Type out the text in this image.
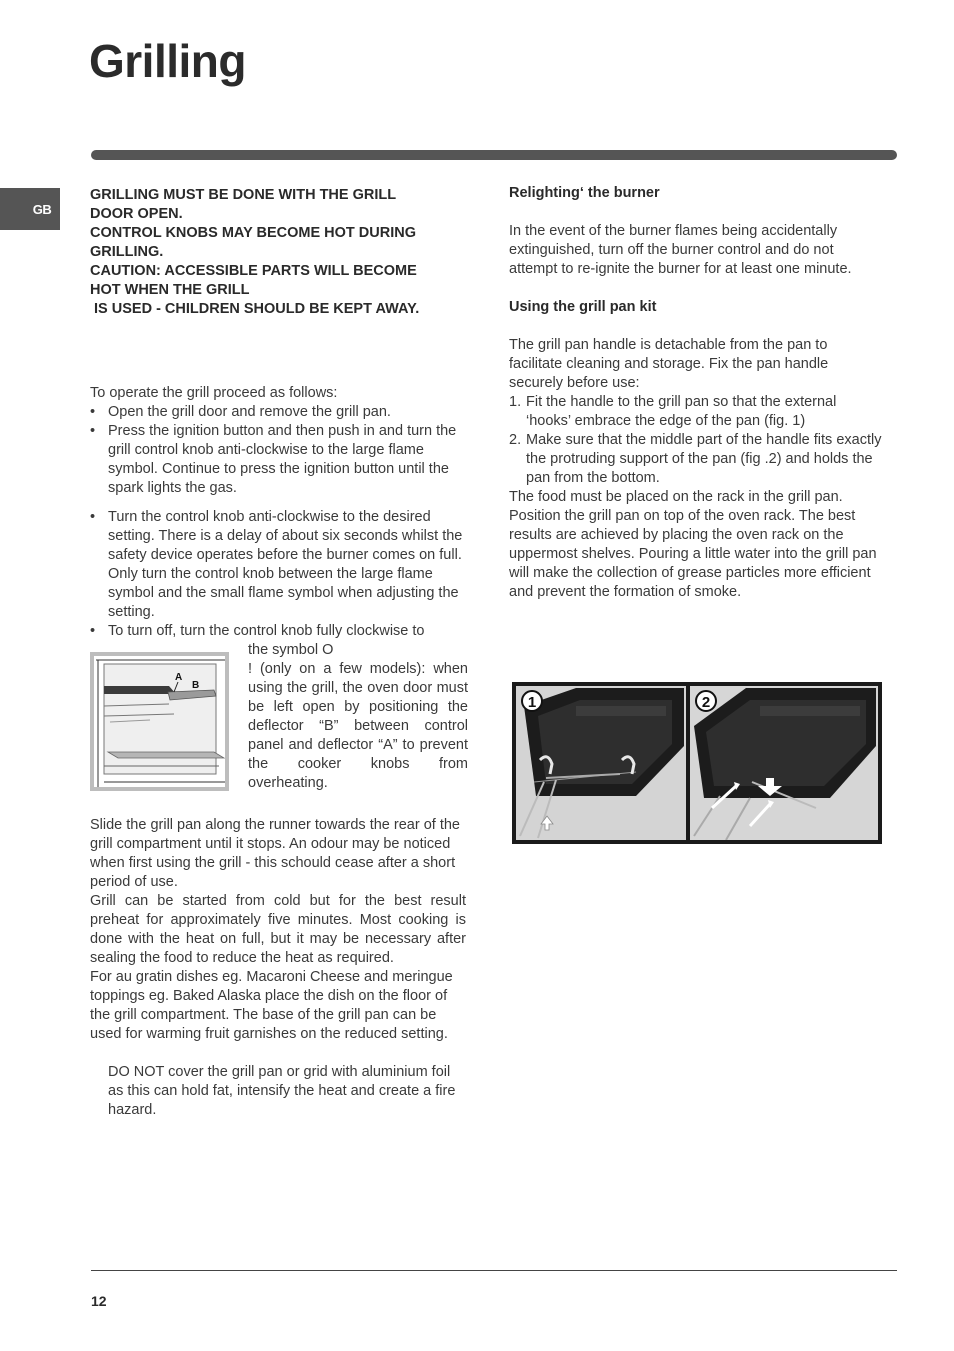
Grilling
GB

GRILLING MUST BE DONE WITH THE GRILL

DOOR OPEN.

CONTROL KNOBS MAY BECOME HOT DURING

GRILLING.

CAUTION: ACCESSIBLE PARTS WILL BECOME

HOT WHEN THE GRILL

IS USED - CHILDREN SHOULD BE KEPT AWAY.

To operate the grill proceed as follows:

• Open the grill door and remove the grill pan.
• Press the ignition button and then push in and turn the grill control knob anti-clockwise to the large flame symbol. Continue to press the ignition button until the spark lights the gas.
• Turn the control knob anti-clockwise to the desired setting. There is a delay of about six seconds whilst the safety device operates before the burner comes on full. Only turn the control knob between the large flame symbol and the small flame symbol when adjusting the setting.
• To turn off, turn the control knob fully clockwise to
A
B

the symbol O

! (only on a few models): when using the grill, the oven door must be left open by positioning the deflector “B” between control panel and deflector “A” to prevent the cooker knobs from overheating.

Slide the grill pan along the runner towards the rear of the grill compartment until it stops. An odour may be noticed when first using the grill - this schould cease after a short period of use.

Grill can be started from cold but for the best result preheat for approximately five minutes. Most cooking is done with the heat on full, but it may be necessary after sealing the food to reduce the heat as required.

For au gratin dishes eg. Macaroni Cheese and meringue toppings eg. Baked Alaska place the dish on the floor of the grill compartment. The base of the grill pan can be used for warming fruit garnishes on the reduced setting.

DO NOT cover the grill pan or grid with aluminium foil as this can hold fat, intensify the heat and create a fire hazard.

Relighting‘ the burner

In the event of the burner flames being accidentally extinguished, turn off the burner control and do not attempt to re-ignite the burner for at least one minute.

Using the grill pan kit

The grill pan handle is detachable from the pan to facilitate cleaning and storage. Fix the pan handle securely before use:

1. Fit the handle to the grill pan so that the external ‘hooks’ embrace the edge of the pan (fig. 1)
2. Make sure that the middle part of the handle fits exactly the protruding support of the pan (fig .2) and holds the pan from the bottom.

The food must be placed on the rack in the grill pan. Position the grill pan on top of the oven rack. The best results are achieved by placing the oven rack on the uppermost shelves. Pouring a little water into the grill pan will make the collection of grease particles more efficient and prevent the formation of smoke.

1	2
12
